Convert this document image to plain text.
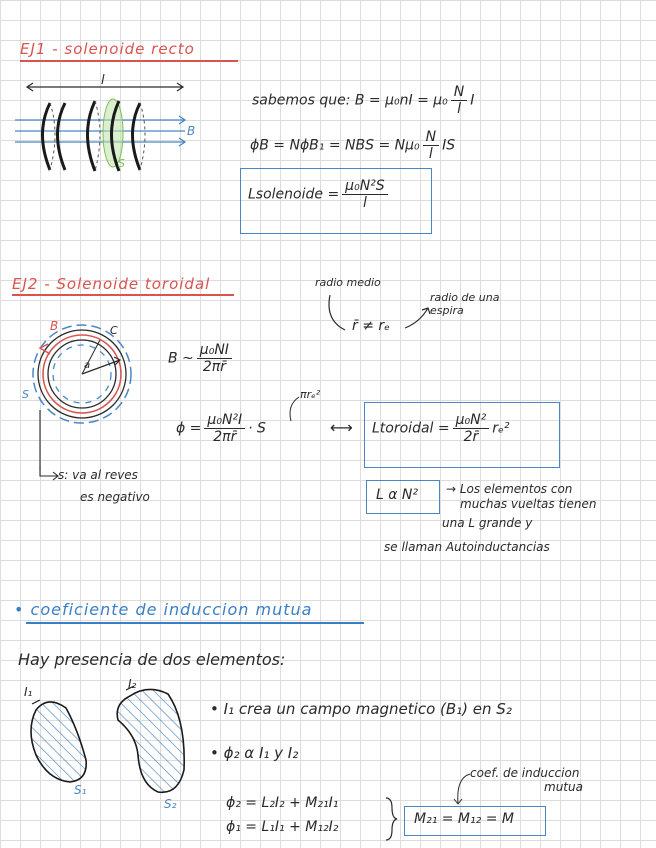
EJ1 - solenoide recto
l
B
S
sabemos que: $B = \mu_0nI = \mu_0 \frac{N}{l}$ I
ϕB = NϕB₁ = NBS = $N\mu_0 \frac{N}{l}$ IS
Lsolenoide = $\frac{\text{μ₀N²S}}{l}$
EJ2 - Solenoide toroidal	radio medio
radio de una espira
r̄ ≠ rₑ
B	C
a
S
B ~ $\frac{\text{μ₀NI}}{2\pi r̄}$
$\phi = \frac{\text{μ₀N²I}}{2\pi r̄} \cdot S$
πrₑ²
⟷ Ltoroidal = $\frac{\text{μ₀N²}}{2r̄} r_e^2$
L α N² → Los elementos con
muchas vueltas tienen
una L grande y
se llaman Autoinductancias
s: va al reves
es negativo
• coeficiente de induccion mutua
Hay presencia de dos elementos:
I₁
I₂
S₁
S₂
• I₁ crea un campo magnetico (B₁) en S₂
• ϕ₂ α I₁ y I₂
coef. de induccion
mutua
ϕ₂ = L₂I₂ + M₂₁I₁
ϕ₁ = L₁I₁ + M₁₂I₂	M₂₁ = M₁₂ = M
